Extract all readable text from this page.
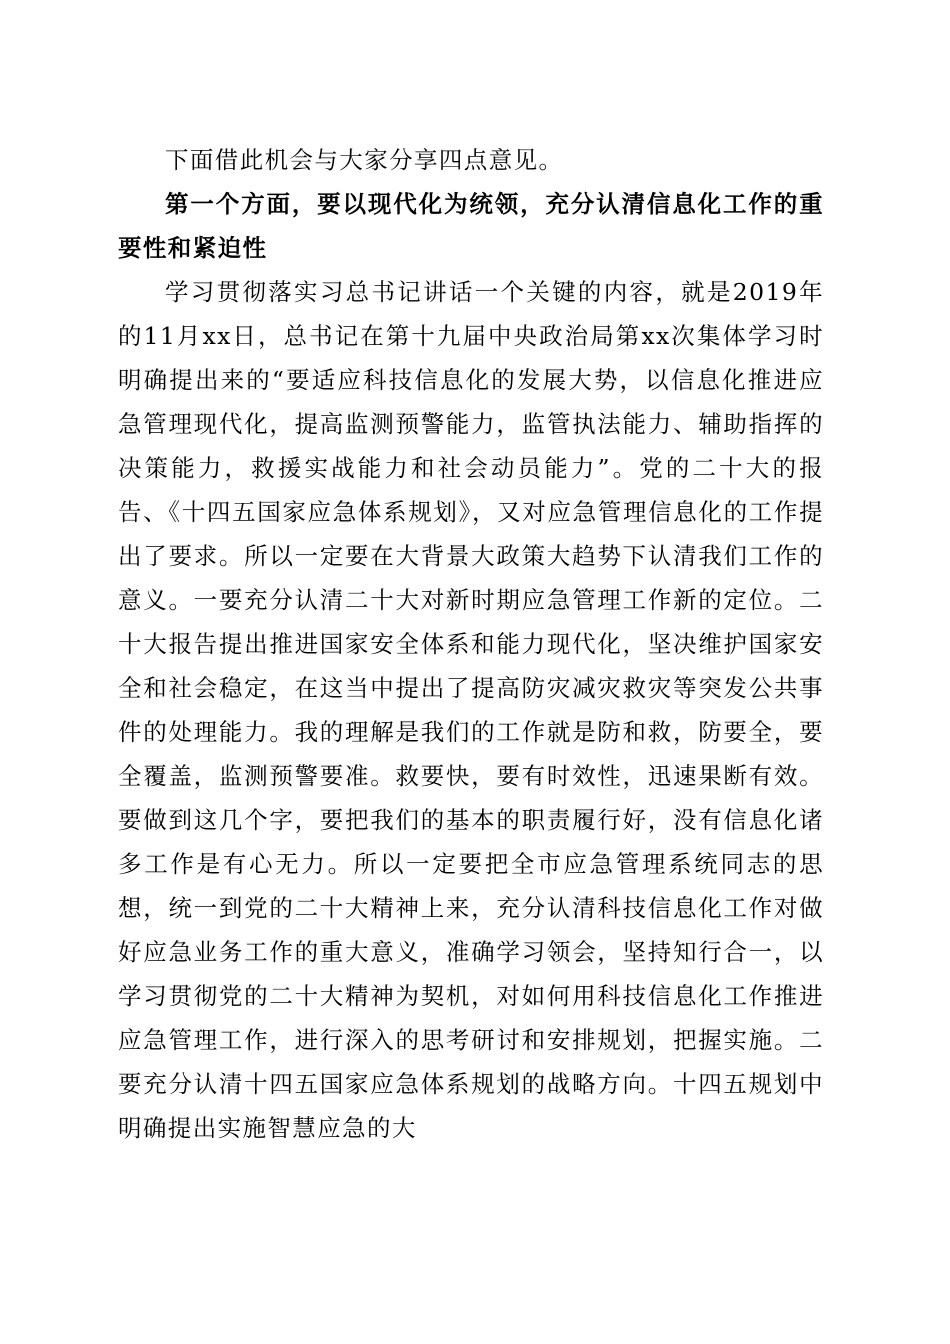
下面借此机会与大家分享四点意见。

第一个方面，要以现代化为统领，充分认清信息化工作的重要性和紧迫性

学习贯彻落实习总书记讲话一个关键的内容，就是2019年的11月xx日，总书记在第十九届中央政治局第xx次集体学习时明确提出来的“要适应科技信息化的发展大势，以信息化推进应急管理现代化，提高监测预警能力，监管执法能力、辅助指挥的决策能力，救援实战能力和社会动员能力”。党的二十大的报告、《十四五国家应急体系规划》，又对应急管理信息化的工作提出了要求。所以一定要在大背景大政策大趋势下认清我们工作的意义。一要充分认清二十大对新时期应急管理工作新的定位。二十大报告提出推进国家安全体系和能力现代化，坚决维护国家安全和社会稳定，在这当中提出了提高防灾减灾救灾等突发公共事件的处理能力。我的理解是我们的工作就是防和救，防要全，要全覆盖，监测预警要准。救要快，要有时效性，迅速果断有效。要做到这几个字，要把我们的基本的职责履行好，没有信息化诸多工作是有心无力。所以一定要把全市应急管理系统同志的思想，统一到党的二十大精神上来，充分认清科技信息化工作对做好应急业务工作的重大意义，准确学习领会，坚持知行合一，以学习贯彻党的二十大精神为契机，对如何用科技信息化工作推进应急管理工作，进行深入的思考研讨和安排规划，把握实施。二要充分认清十四五国家应急体系规划的战略方向。十四五规划中明确提出实施智慧应急的大
